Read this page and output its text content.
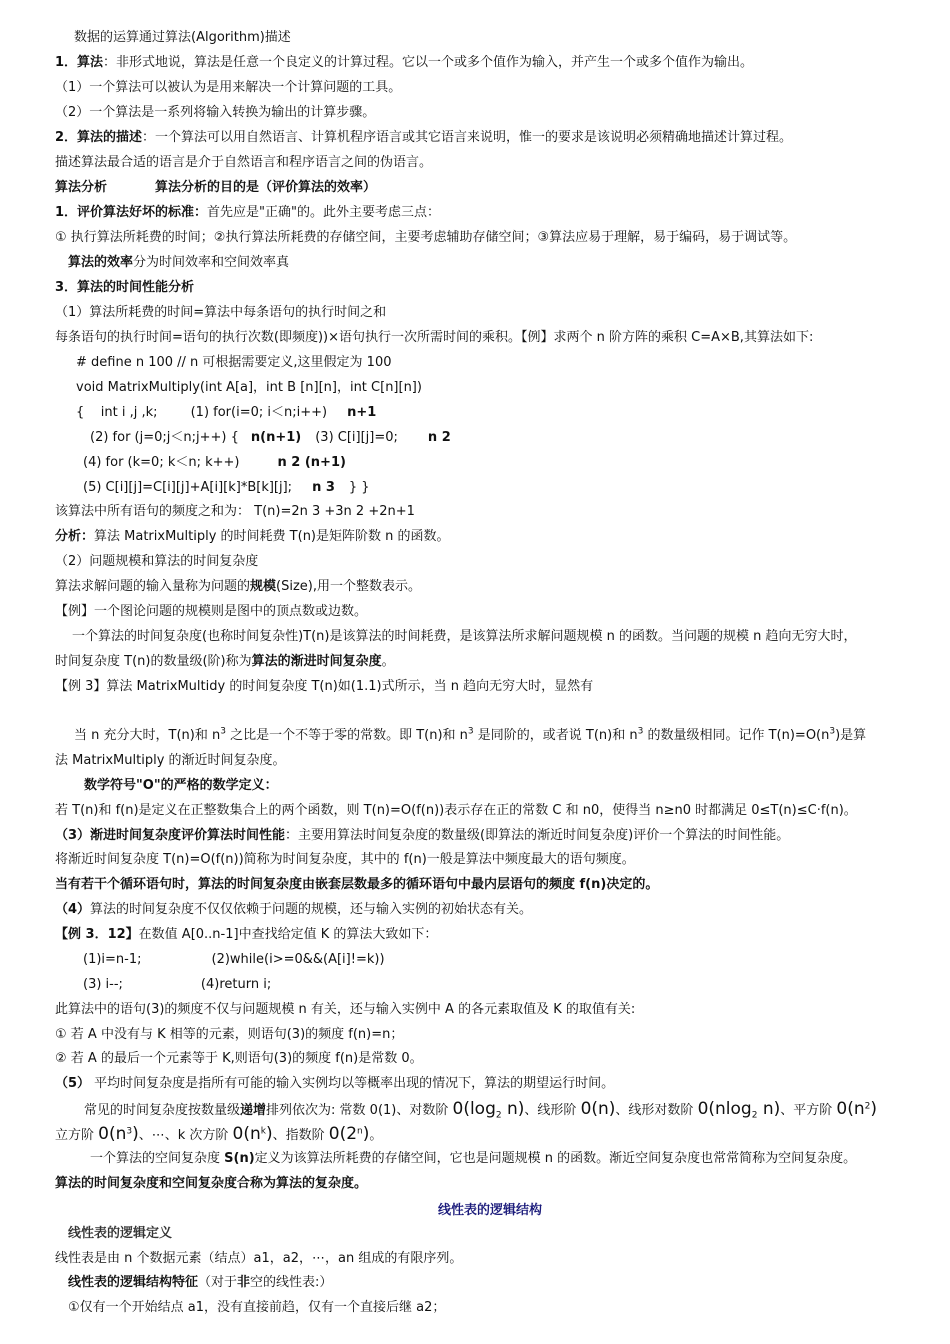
数据的运算通过算法(Algorithm)描述
1．算法：非形式地说，算法是任意一个良定义的计算过程。它以一个或多个值作为输入，并产生一个或多个值作为输出。
（1）一个算法可以被认为是用来解决一个计算问题的工具。
（2）一个算法是一系列将输入转换为输出的计算步骤。
2．算法的描述：一个算法可以用自然语言、计算机程序语言或其它语言来说明，惟一的要求是该说明必须精确地描述计算过程。
描述算法最合适的语言是介于自然语言和程序语言之间的伪语言。
算法分析	算法分析的目的是（评价算法的效率）
1．评价算法好坏的标准：首先应是"正确"的。此外主要考虑三点：
① 执行算法所耗费的时间；②执行算法所耗费的存储空间，主要考虑辅助存储空间；③算法应易于理解，易于编码，易于调试等。
算法的效率分为时间效率和空间效率真
3．算法的时间性能分析
（1）算法所耗费的时间=算法中每条语句的执行时间之和
每条语句的执行时间=语句的执行次数(即频度))×语句执行一次所需时间的乘积。【例】求两个 n 阶方阵的乘积 C=A×B,其算法如下:
# define n 100 // n 可根据需要定义,这里假定为 100
void MatrixMultiply(int A[a]，int B [n][n]，int C[n][n])
{    int i ,j ,k;        (1) for(i=0; i＜n;i++) n+1
(2) for (j=0;j＜n;j++) { n(n+1) (3) C[i][j]=0; n 2
(4) for (k=0; k＜n; k++)	n 2 (n+1)
(5) C[i][j]=C[i][j]+A[i][k]*B[k][j]; n 3 } }
该算法中所有语句的频度之和为： T(n)=2n 3 +3n 2 +2n+1
分析：算法 MatrixMultiply 的时间耗费 T(n)是矩阵阶数 n 的函数。
（2）问题规模和算法的时间复杂度
算法求解问题的输入量称为问题的规模(Size),用一个整数表示。
【例】一个图论问题的规模则是图中的顶点数或边数。
一个算法的时间复杂度(也称时间复杂性)T(n)是该算法的时间耗费，是该算法所求解问题规模 n 的函数。当问题的规模 n 趋向无穷大时，
时间复杂度 T(n)的数量级(阶)称为算法的渐进时间复杂度。
【例 3】算法 MatrixMultidy 的时间复杂度 T(n)如(1.1)式所示，当 n 趋向无穷大时，显然有
当 n 充分大时，T(n)和 $n^3$ 之比是一个不等于零的常数。即 T(n)和 $n^3$ 是同阶的，或者说 T(n)和 $n^3$ 的数量级相同。记作 $T(n)=O(n^3)$是算
法 MatrixMultiply 的渐近时间复杂度。
数学符号"O"的严格的数学定义：
若 T(n)和 f(n)是定义在正整数集合上的两个函数，则 T(n)=O(f(n))表示存在正的常数 C 和 n0，使得当 n≥n0 时都满足 0≤T(n)≤C·f(n)。
（3）渐进时间复杂度评价算法时间性能：主要用算法时间复杂度的数量级(即算法的渐近时间复杂度)评价一个算法的时间性能。
将渐近时间复杂度 T(n)=O(f(n))简称为时间复杂度，其中的 f(n)一般是算法中频度最大的语句频度。
当有若干个循环语句时，算法的时间复杂度由嵌套层数最多的循环语句中最内层语句的频度 f(n)决定的。
（4）算法的时间复杂度不仅仅依赖于问题的规模，还与输入实例的初始状态有关。
【例 3．12】在数值 A[0..n-1]中查找给定值 K 的算法大致如下：
(1)i=n-1;	(2)while(i>=0&&(A[i]!=k))
(3) i--;	(4)return i;
此算法中的语句(3)的频度不仅与问题规模 n 有关，还与输入实例中 A 的各元素取值及 K 的取值有关:
① 若 A 中没有与 K 相等的元素，则语句(3)的频度 f(n)=n；
② 若 A 的最后一个元素等于 K,则语句(3)的频度 f(n)是常数 0。
（5） 平均时间复杂度是指所有可能的输入实例均以等概率出现的情况下，算法的期望运行时间。
常见的时间复杂度按数量级递增排列依次为: 常数 0(1)、对数阶 $0(\log_2$ n)、线形阶 0(n)、线形对数阶 0(nlog$_2$ n)、平方阶 $0(n^2)$
立方阶 $0(n^3)$、⋯、k 次方阶 $0(n^k)$、指数阶 0(2$^n$)。
一个算法的空间复杂度 S(n)定义为该算法所耗费的存储空间，它也是问题规模 n 的函数。渐近空间复杂度也常常简称为空间复杂度。
算法的时间复杂度和空间复杂度合称为算法的复杂度。
线性表的逻辑结构
线性表的逻辑定义
线性表是由 n 个数据元素（结点）a1，a2，⋯，an 组成的有限序列。
线性表的逻辑结构特征（对于非空的线性表:）
①仅有一个开始结点 a1，没有直接前趋，仅有一个直接后继 a2；
